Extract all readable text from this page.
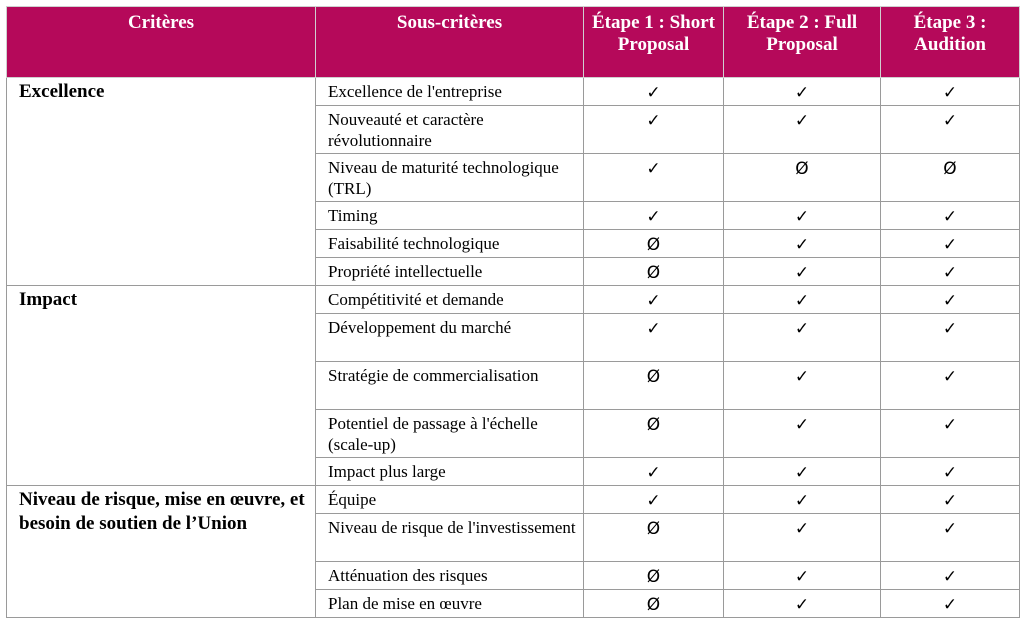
Critères	Sous-critères	Étape 1 : Short Proposal	Étape 2 : Full Proposal	Étape 3 : Audition
Excellence	Excellence de l'entreprise	✓	✓	✓
	Nouveauté et caractère révolutionnaire	✓	✓	✓
	Niveau de maturité technologique (TRL)	✓	Ø	Ø
	Timing	✓	✓	✓
	Faisabilité technologique	Ø	✓	✓
	Propriété intellectuelle	Ø	✓	✓
Impact	Compétitivité et demande	✓	✓	✓
	Développement du marché	✓	✓	✓
	Stratégie de commercialisation	Ø	✓	✓
	Potentiel de passage à l'échelle (scale-up)	Ø	✓	✓
	Impact plus large	✓	✓	✓
Niveau de risque, mise en œuvre, et besoin de soutien de l’Union	Équipe	✓	✓	✓
	Niveau de risque de l'investissement	Ø	✓	✓
	Atténuation des risques	Ø	✓	✓
	Plan de mise en œuvre	Ø	✓	✓
